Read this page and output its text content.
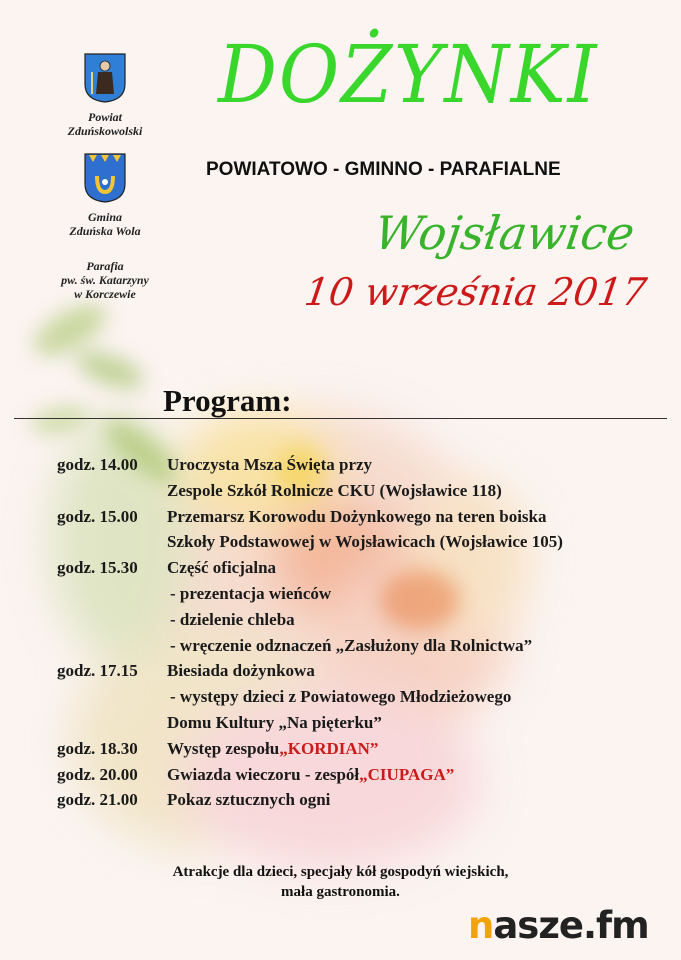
Powiat
Zduńskowolski
Gmina
Zduńska Wola
Parafia
pw. św. Katarzyny
w Korczewie
DOŻYNKI
POWIATOWO - GMINNO - PARAFIALNE
Wojsławice
10 września 2017
Program:
godz. 14.00 Uroczysta Msza Święta przy
Zespole Szkół Rolnicze CKU (Wojsławice 118)
godz. 15.00 Przemarsz Korowodu Dożynkowego na teren boiska
Szkoły Podstawowej w Wojsławicach (Wojsławice 105)
godz. 15.30 Część oficjalna
- prezentacja wieńców
- dzielenie chleba
- wręczenie odznaczeń „Zasłużony dla Rolnictwa”
godz. 17.15 Biesiada dożynkowa
- występy dzieci z Powiatowego Młodzieżowego
Domu Kultury „Na pięterku”
godz. 18.30 Występ zespołu„KORDIAN”
godz. 20.00 Gwiazda wieczoru - zespół„CIUPAGA”
godz. 21.00 Pokaz sztucznych ogni
Atrakcje dla dzieci, specjały kół gospodyń wiejskich,
mała gastronomia.
nasze.fm
